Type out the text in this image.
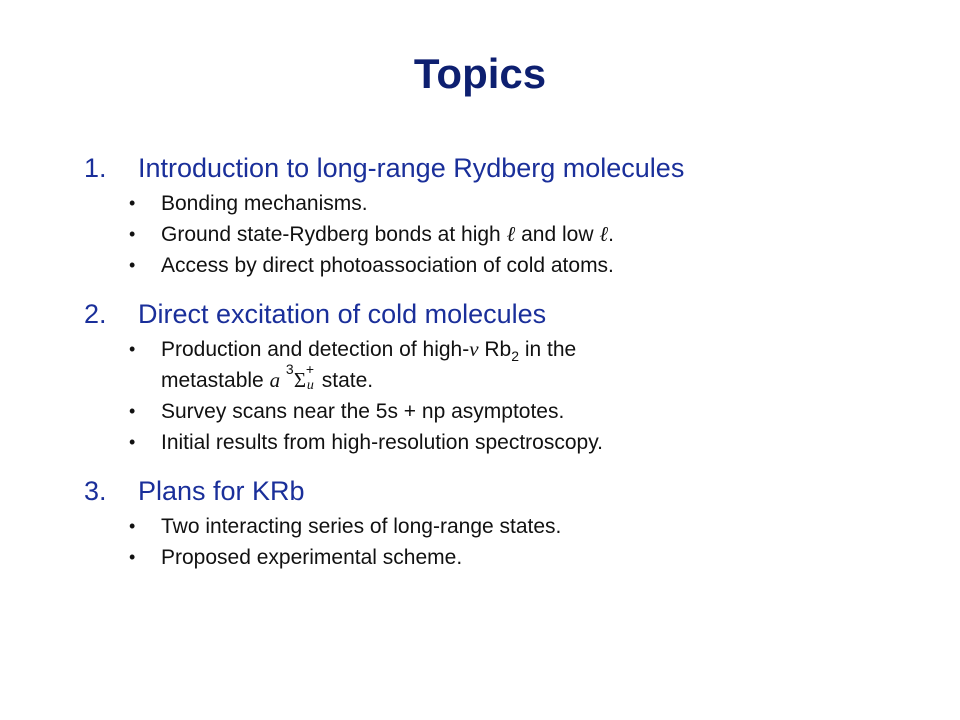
Topics
1.	Introduction to long-range Rydberg molecules
•	Bonding mechanisms.
•	Ground state-Rydberg bonds at high ℓ and low ℓ.
•	Access by direct photoassociation of cold atoms.
2.	Direct excitation of cold molecules
•	Production and detection of high-v $Rb_2$ in the
metastable a 3 Σ +
u state.
•	Survey scans near the 5s + np asymptotes.
•	Initial results from high-resolution spectroscopy.
3.	Plans for KRb
•	Two interacting series of long-range states.
•	Proposed experimental scheme.
